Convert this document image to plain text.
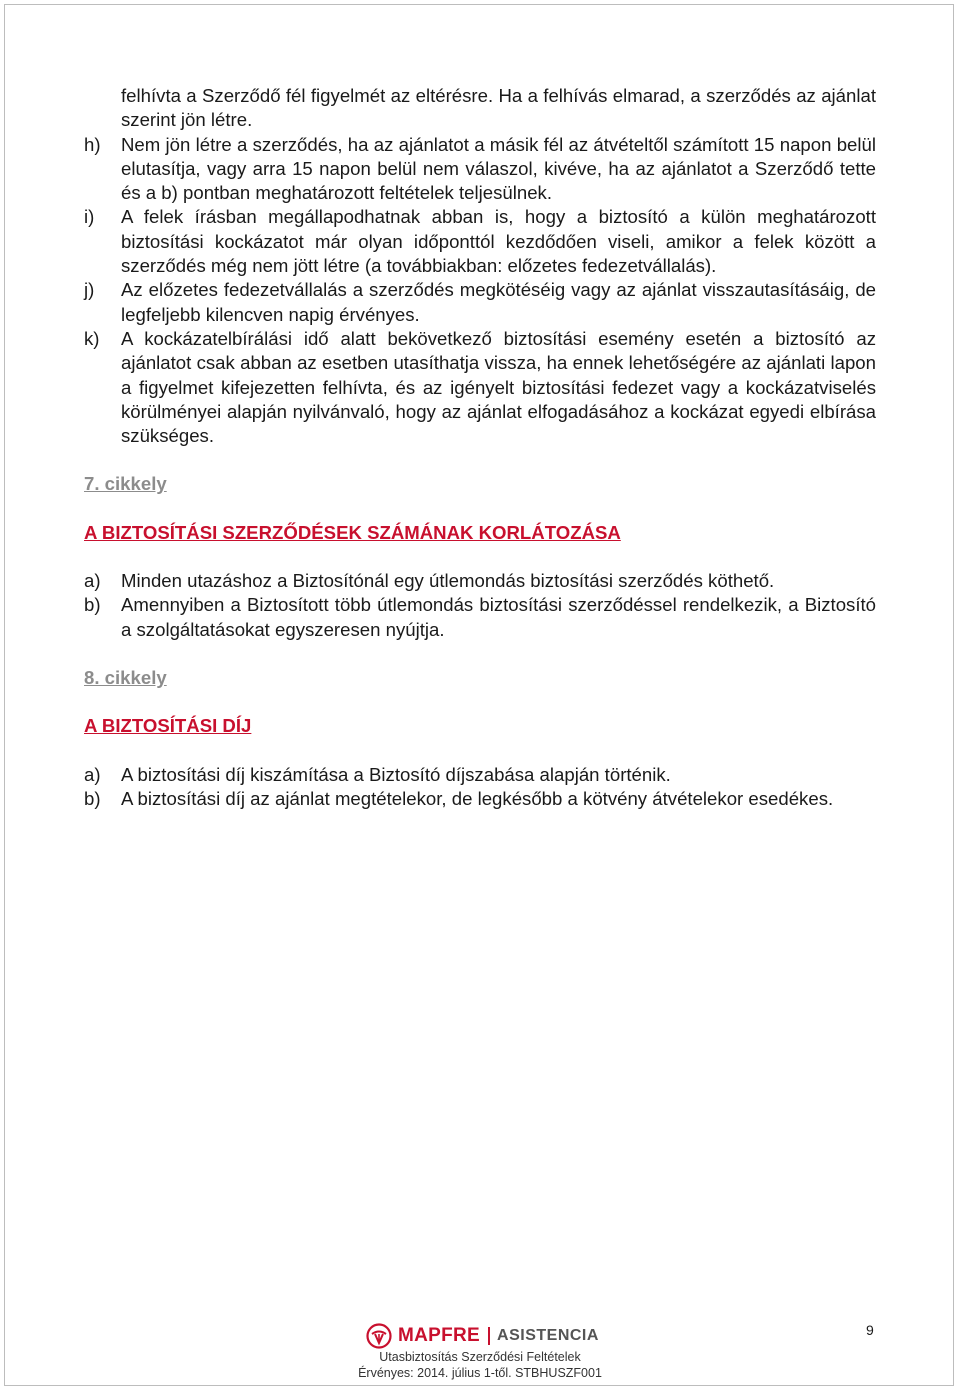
felhívta a Szerződő fél figyelmét az eltérésre. Ha a felhívás elmarad, a szerződés az ajánlat szerint jön létre.

h) Nem jön létre a szerződés, ha az ajánlatot a másik fél az átvételtől számított 15 napon belül elutasítja, vagy arra 15 napon belül nem válaszol, kivéve, ha az ajánlatot a Szerződő tette és a b) pontban meghatározott feltételek teljesülnek.
i) A felek írásban megállapodhatnak abban is, hogy a biztosító a külön meghatározott biztosítási kockázatot már olyan időponttól kezdődően viseli, amikor a felek között a szerződés még nem jött létre (a továbbiakban: előzetes fedezetvállalás).
j) Az előzetes fedezetvállalás a szerződés megkötéséig vagy az ajánlat visszautasításáig, de legfeljebb kilencven napig érvényes.
k) A kockázatelbírálási idő alatt bekövetkező biztosítási esemény esetén a biztosító az ajánlatot csak abban az esetben utasíthatja vissza, ha ennek lehetőségére az ajánlati lapon a figyelmet kifejezetten felhívta, és az igényelt biztosítási fedezet vagy a kockázatviselés körülményei alapján nyilvánvaló, hogy az ajánlat elfogadásához a kockázat egyedi elbírása szükséges.

7. cikkely

A BIZTOSÍTÁSI SZERZŐDÉSEK SZÁMÁNAK KORLÁTOZÁSA

a) Minden utazáshoz a Biztosítónál egy útlemondás biztosítási szerződés köthető.
b) Amennyiben a Biztosított több útlemondás biztosítási szerződéssel rendelkezik, a Biztosító a szolgáltatásokat egyszeresen nyújtja.

8. cikkely

A BIZTOSÍTÁSI DÍJ

a) A biztosítási díj kiszámítása a Biztosító díjszabása alapján történik.
b) A biztosítási díj az ajánlat megtételekor, de legkésőbb a kötvény átvételekor esedékes.
MAPFRE ASISTENCIA
Utasbiztosítás Szerződési Feltételek
Érvényes: 2014. július 1-től. STBHUSZF001
9
